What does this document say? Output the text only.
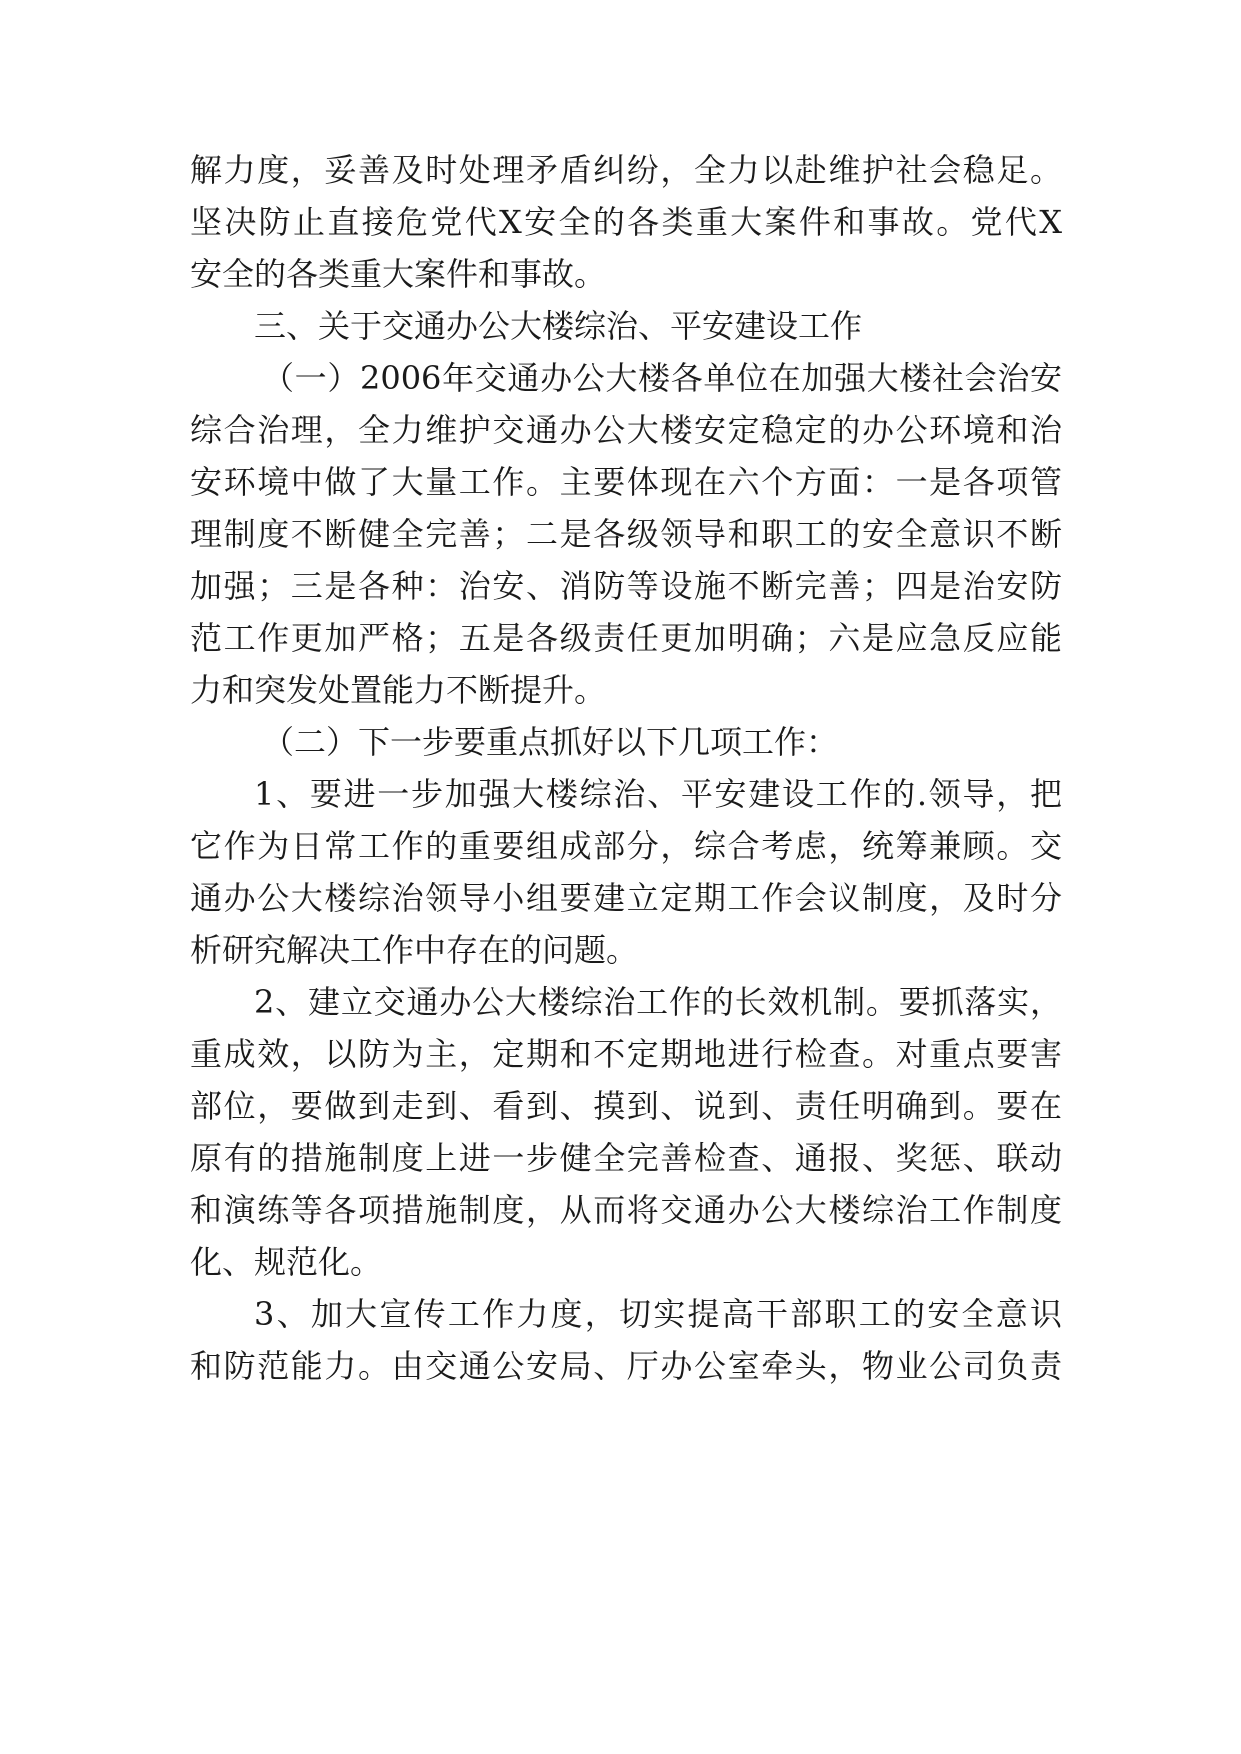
解力度，妥善及时处理矛盾纠纷，全力以赴维护社会稳足。
坚决防止直接危党代X安全的各类重大案件和事故。党代X
安全的各类重大案件和事故。
三、关于交通办公大楼综治、平安建设工作
（一）2006年交通办公大楼各单位在加强大楼社会治安
综合治理，全力维护交通办公大楼安定稳定的办公环境和治
安环境中做了大量工作。主要体现在六个方面：一是各项管
理制度不断健全完善；二是各级领导和职工的安全意识不断
加强；三是各种：治安、消防等设施不断完善；四是治安防
范工作更加严格；五是各级责任更加明确；六是应急反应能
力和突发处置能力不断提升。
（二）下一步要重点抓好以下几项工作：
1、要进一步加强大楼综治、平安建设工作的.领导，把
它作为日常工作的重要组成部分，综合考虑，统筹兼顾。交
通办公大楼综治领导小组要建立定期工作会议制度，及时分
析研究解决工作中存在的问题。
2、建立交通办公大楼综治工作的长效机制。要抓落实，
重成效，以防为主，定期和不定期地进行检查。对重点要害
部位，要做到走到、看到、摸到、说到、责任明确到。要在
原有的措施制度上进一步健全完善检查、通报、奖惩、联动
和演练等各项措施制度，从而将交通办公大楼综治工作制度
化、规范化。
3、加大宣传工作力度，切实提高干部职工的安全意识
和防范能力。由交通公安局、厅办公室牵头，物业公司负责
